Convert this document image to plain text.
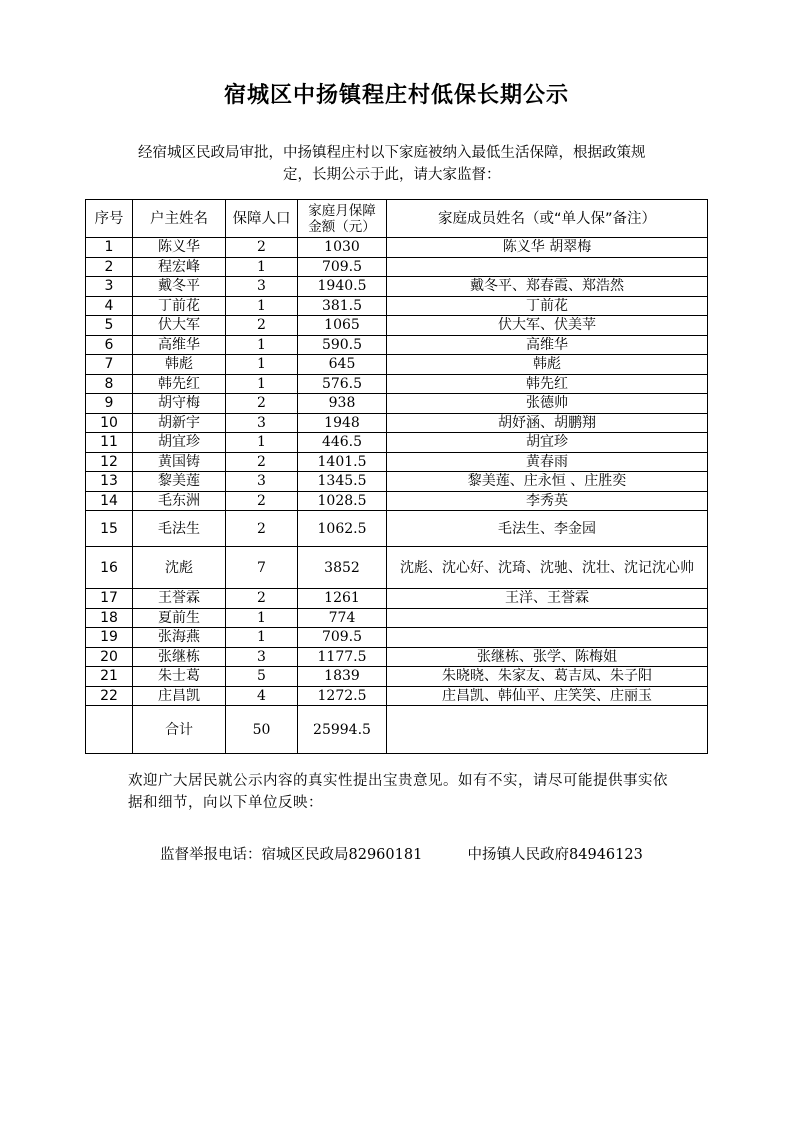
宿城区中扬镇程庄村低保长期公示
经宿城区民政局审批，中扬镇程庄村以下家庭被纳入最低生活保障，根据政策规
定，长期公示于此，请大家监督：
序号	户主姓名	保障人口	家庭月保障
金额（元）	家庭成员姓名（或“单人保”备注）
1	陈义华	2	1030	陈义华 胡翠梅
2	程宏峰	1	709.5	
3	戴冬平	3	1940.5	戴冬平、郑春霞、郑浩然
4	丁前花	1	381.5	丁前花
5	伏大军	2	1065	伏大军、伏美苹
6	高维华	1	590.5	高维华
7	韩彪	1	645	韩彪
8	韩先红	1	576.5	韩先红
9	胡守梅	2	938	张德帅
10	胡新宇	3	1948	胡妤涵、胡鹏翔
11	胡宜珍	1	446.5	胡宜珍
12	黄国铸	2	1401.5	黄春雨
13	黎美莲	3	1345.5	黎美莲、庄永恒 、庄胜奕
14	毛东洲	2	1028.5	李秀英
15	毛法生	2	1062.5	毛法生、李金园
16	沈彪	7	3852	沈彪、沈心好、沈琦、沈驰、沈壮、沈记沈心帅
17	王誉霖	2	1261	王洋、王誉霖
18	夏前生	1	774	
19	张海燕	1	709.5	
20	张继栋	3	1177.5	张继栋、张学、陈梅姐
21	朱士葛	5	1839	朱晓晓、朱家友、葛吉凤、朱子阳
22	庄昌凯	4	1272.5	庄昌凯、韩仙平、庄笑笑、庄丽玉
	合计	50	25994.5	
欢迎广大居民就公示内容的真实性提出宝贵意见。如有不实，请尽可能提供事实依
据和细节，向以下单位反映：
监督举报电话：宿城区民政局82960181	中扬镇人民政府84946123
